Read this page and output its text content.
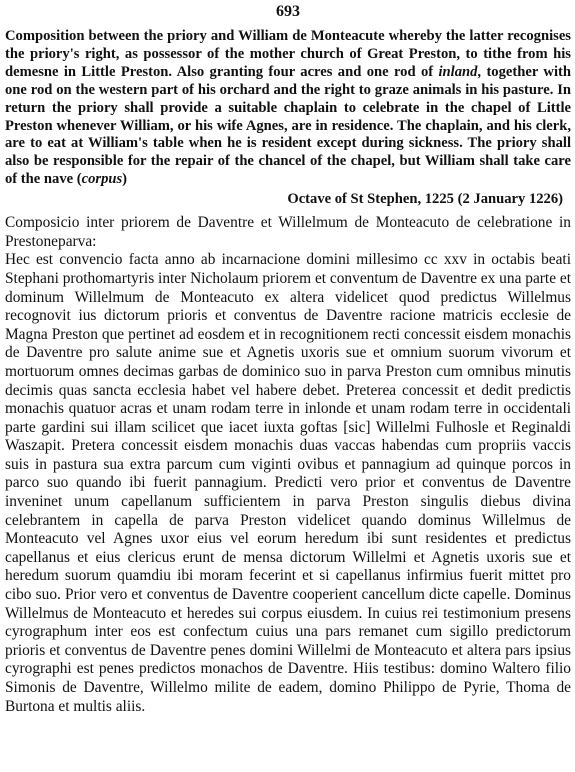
693

Composition between the priory and William de Monteacute whereby the latter recognises the priory's right, as possessor of the mother church of Great Preston, to tithe from his demesne in Little Preston. Also granting four acres and one rod of inland, together with one rod on the western part of his orchard and the right to graze animals in his pasture. In return the priory shall provide a suitable chaplain to celebrate in the chapel of Little Preston whenever William, or his wife Agnes, are in residence. The chaplain, and his clerk, are to eat at William's table when he is resident except during sickness. The priory shall also be responsible for the repair of the chancel of the chapel, but William shall take care of the nave (corpus)

Octave of St Stephen, 1225 (2 January 1226)

Composicio inter priorem de Daventre et Willelmum de Monteacuto de celebratione in Prestoneparva:

Hec est convencio facta anno ab incarnacione domini millesimo cc xxv in octabis beati Stephani prothomartyris inter Nicholaum priorem et conventum de Daventre ex una parte et dominum Willelmum de Monteacuto ex altera videlicet quod predictus Willelmus recognovit ius dictorum prioris et conventus de Daventre racione matricis ecclesie de Magna Preston que pertinet ad eosdem et in recognitionem recti concessit eisdem monachis de Daventre pro salute anime sue et Agnetis uxoris sue et omnium suorum vivorum et mortuorum omnes decimas garbas de dominico suo in parva Preston cum omnibus minutis decimis quas sancta ecclesia habet vel habere debet. Preterea concessit et dedit predictis monachis quatuor acras et unam rodam terre in inlonde et unam rodam terre in occidentali parte gardini sui illam scilicet que iacet iuxta goftas [sic] Willelmi Fulhosle et Reginaldi Waszapit. Pretera concessit eisdem monachis duas vaccas habendas cum propriis vaccis suis in pastura sua extra parcum cum viginti ovibus et pannagium ad quinque porcos in parco suo quando ibi fuerit pannagium. Predicti vero prior et conventus de Daventre inveninet unum capellanum sufficientem in parva Preston singulis diebus divina celebrantem in capella de parva Preston videlicet quando dominus Willelmus de Monteacuto vel Agnes uxor eius vel eorum heredum ibi sunt residentes et predictus capellanus et eius clericus erunt de mensa dictorum Willelmi et Agnetis uxoris sue et heredum suorum quamdiu ibi moram fecerint et si capellanus infirmius fuerit mittet pro cibo suo. Prior vero et conventus de Daventre cooperient cancellum dicte capelle. Dominus Willelmus de Monteacuto et heredes sui corpus eiusdem. In cuius rei testimonium presens cyrographum inter eos est confectum cuius una pars remanet cum sigillo predictorum prioris et conventus de Daventre penes domini Willelmi de Monteacuto et altera pars ipsius cyrographi est penes predictos monachos de Daventre. Hiis testibus: domino Waltero filio Simonis de Daventre, Willelmo milite de eadem, domino Philippo de Pyrie, Thoma de Burtona et multis aliis.
